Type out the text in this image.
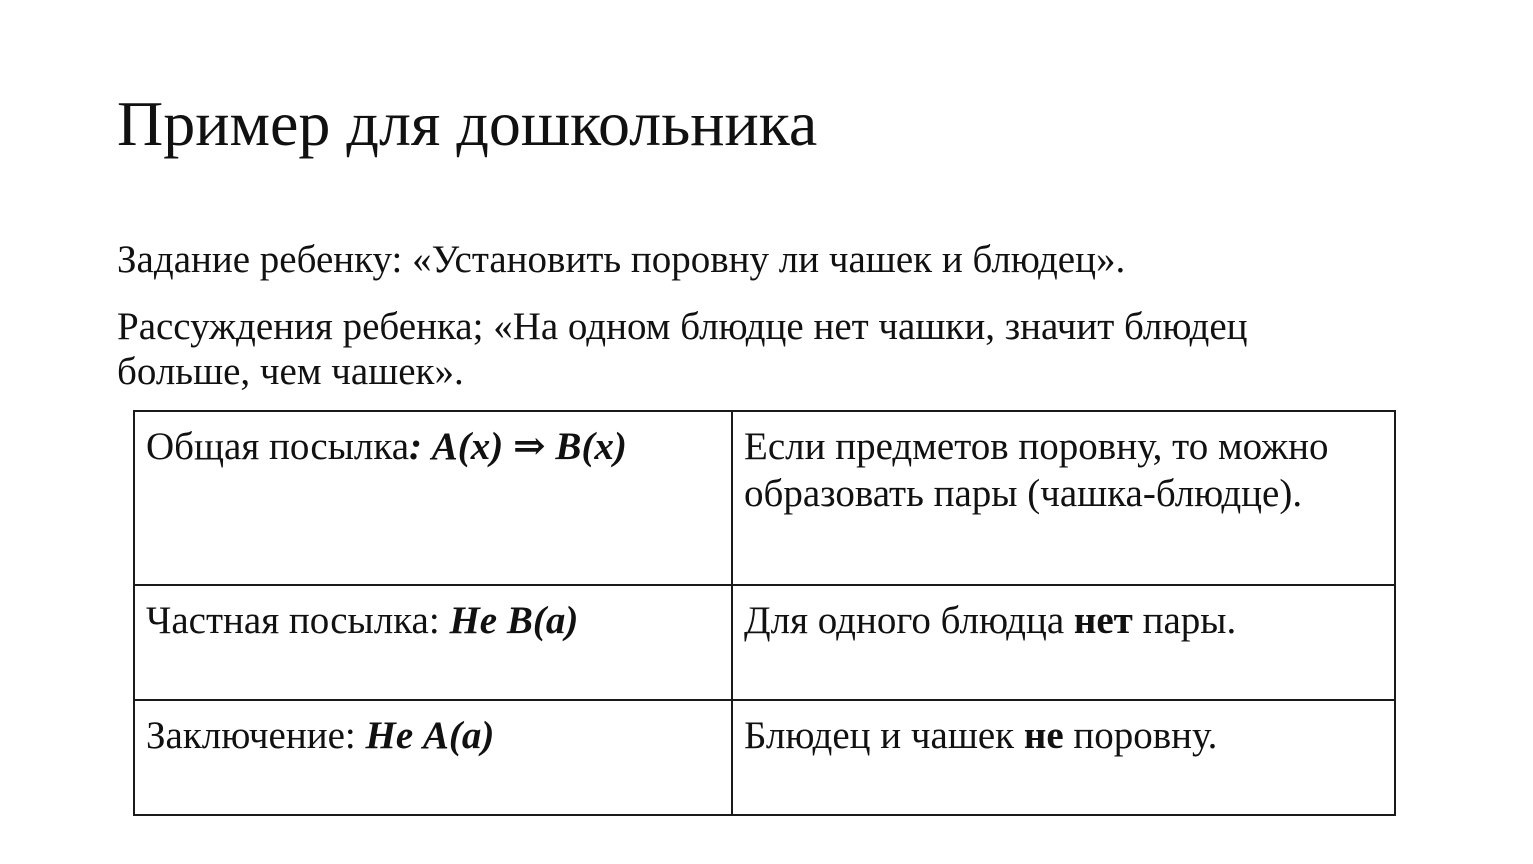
Пример для дошкольника

Задание ребенку: «Установить поровну ли чашек и блюдец».

Рассуждения ребенка; «На одном блюдце нет чашки, значит блюдец
больше, чем чашек».

Общая посылка: A(x) ⇒ B(x)	Если предметов поровну, то можно образовать пары (чашка-блюдце).
Частная посылка: Не B(a)	Для одного блюдца нет пары.
Заключение: Не A(a)	Блюдец и чашек не поровну.
